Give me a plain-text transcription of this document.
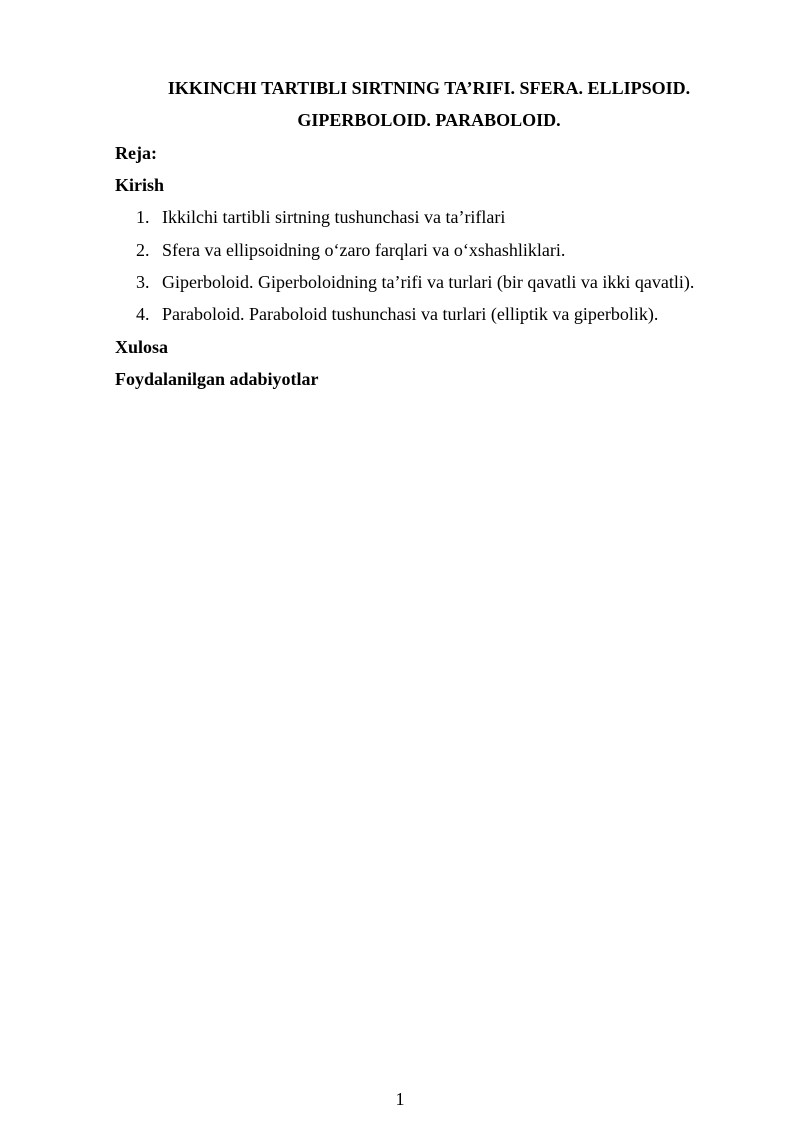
IKKINCHI TARTIBLI SIRTNING TA’RIFI. SFERA. ELLIPSOID.
GIPERBOLOID. PARABOLOID.
Reja:
Kirish
1. Ikkilchi tartibli sirtning tushunchasi va ta’riflari
2. Sfera va ellipsoidning o‘zaro farqlari va o‘xshashliklari.
3. Giperboloid. Giperboloidning ta’rifi va turlari (bir qavatli va ikki qavatli).
4. Paraboloid. Paraboloid tushunchasi va turlari (elliptik va giperbolik).
Xulosa
Foydalanilgan adabiyotlar
1
